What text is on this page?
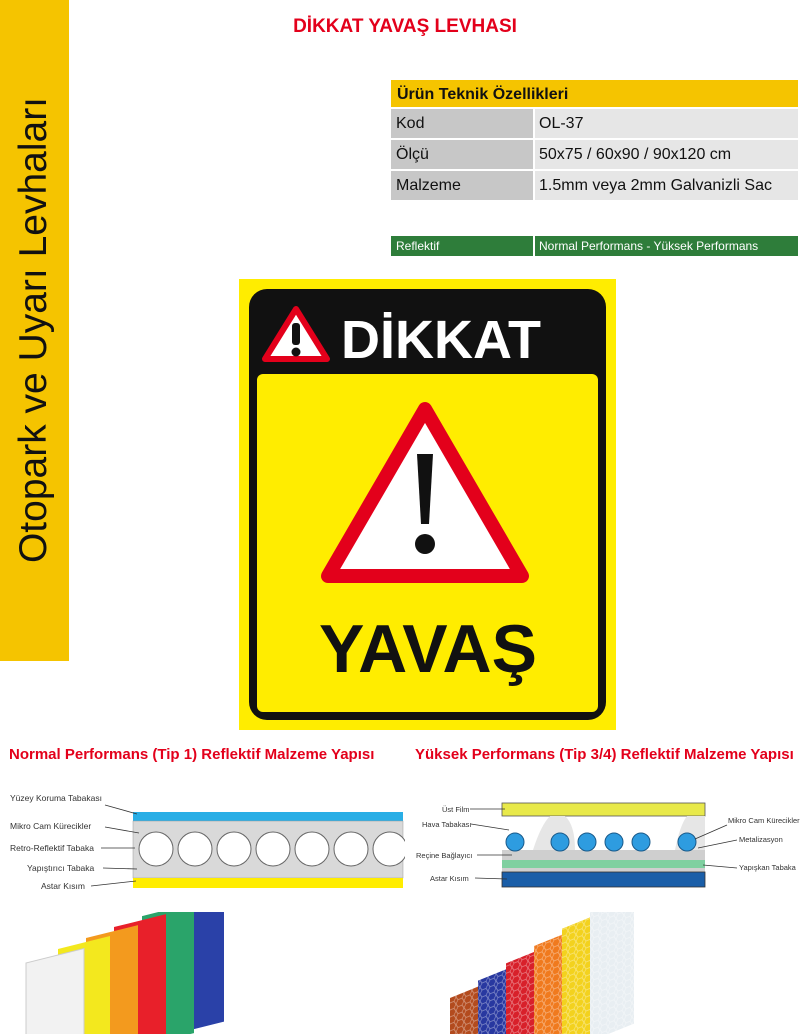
Otopark ve Uyarı Levhaları
DİKKAT YAVAŞ LEVHASI
Ürün Teknik Özellikleri
Kod	OL-37
Ölçü	50x75 / 60x90 / 90x120 cm
Malzeme	1.5mm veya 2mm Galvanizli Sac
Reflektif	Normal Performans - Yüksek Performans
DİKKAT
YAVAŞ
Normal Performans (Tip 1) Reflektif Malzeme Yapısı	Yüksek Performans (Tip 3/4) Reflektif Malzeme Yapısı
Yüzey Koruma Tabakası
Mikro Cam Kürecikler
Retro-Reflektif Tabaka
Yapıştırıcı Tabaka
Astar Kısım
Üst Film
Hava Tabakası
Reçine Bağlayıcı
Astar Kısım
Mikro Cam Kürecikler
Metalizasyon
Yapışkan Tabaka
